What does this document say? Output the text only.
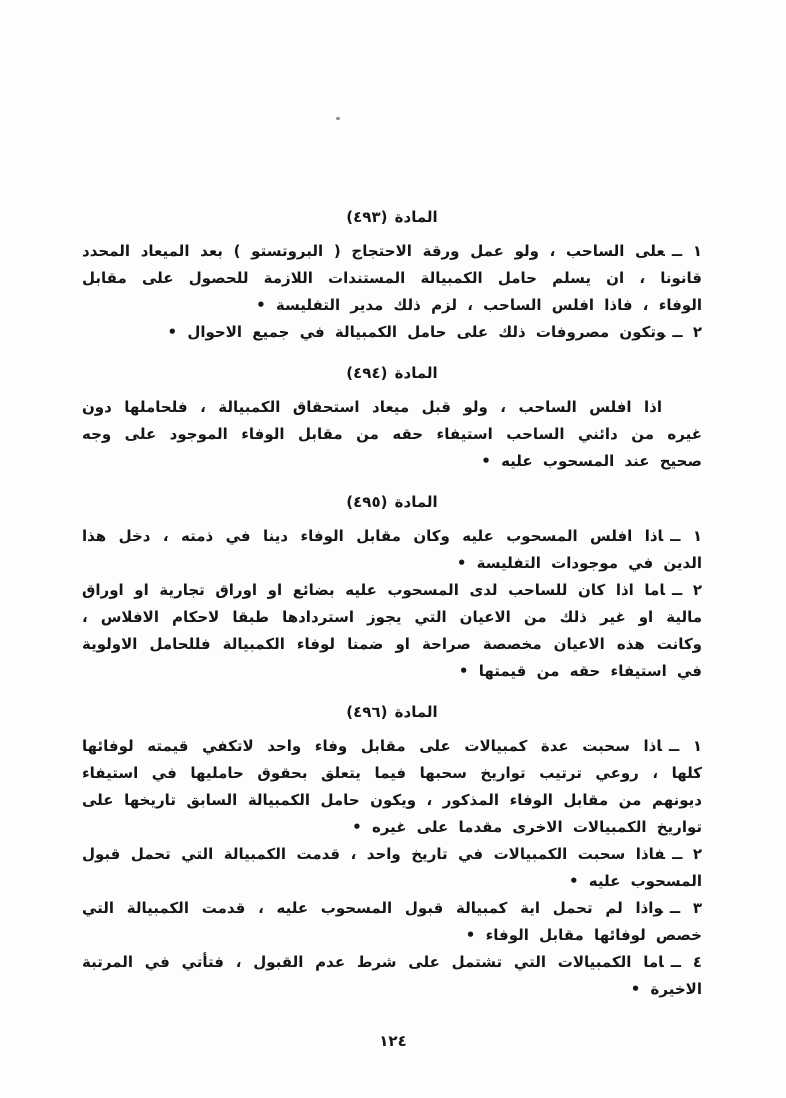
المادة (٤٩٣)

١ ــعلى الساحب ، ولو عمل ورقة الاحتجاج ( البروتستو ) بعد الميعاد المحدد قانونا ، ان يسلم حامل الكمبيالة المستندات اللازمة للحصول على مقابل الوفاء ، فاذا افلس الساحب ، لزم ذلك مدير التفليسة •

٢ ــوتكون مصروفات ذلك على حامل الكمبيالة في جميع الاحوال •

المادة (٤٩٤)

اذا افلس الساحب ، ولو قبل ميعاد استحقاق الكمبيالة ، فلحاملها دون غيره من دائني الساحب استيفاء حقه من مقابل الوفاء الموجود على وجه صحيح عند المسحوب عليه •

المادة (٤٩٥)

١ ــاذا افلس المسحوب عليه وكان مقابل الوفاء دينا في ذمته ، دخل هذا الدين في موجودات التفليسة •

٢ ــاما اذا كان للساحب لدى المسحوب عليه بضائع او اوراق تجارية او اوراق مالية او غير ذلك من الاعيان التي يجوز استردادها طبقا لاحكام الافلاس ، وكانت هذه الاعيان مخصصة صراحة او ضمنا لوفاء الكمبيالة فللحامل الاولوية في استيفاء حقه من قيمتها •

المادة (٤٩٦)

١ ــاذا سحبت عدة كمبيالات على مقابل وفاء واحد لاتكفي قيمته لوفائها كلها ، روعي ترتيب تواريخ سحبها فيما يتعلق بحقوق حامليها في استيفاء ديونهم من مقابل الوفاء المذكور ، ويكون حامل الكمبيالة السابق تاريخها على تواريخ الكمبيالات الاخرى مقدما على غيره •

٢ ــفاذا سحبت الكمبيالات في تاريخ واحد ، قدمت الكمبيالة التي تحمل قبول المسحوب عليه •

٣ ــواذا لم تحمل اية كمبيالة قبول المسحوب عليه ، قدمت الكمبيالة التي خصص لوفائها مقابل الوفاء •

٤ ــاما الكمبيالات التي تشتمل على شرط عدم القبول ، فتأتي في المرتبة الاخيرة •

١٢٤
